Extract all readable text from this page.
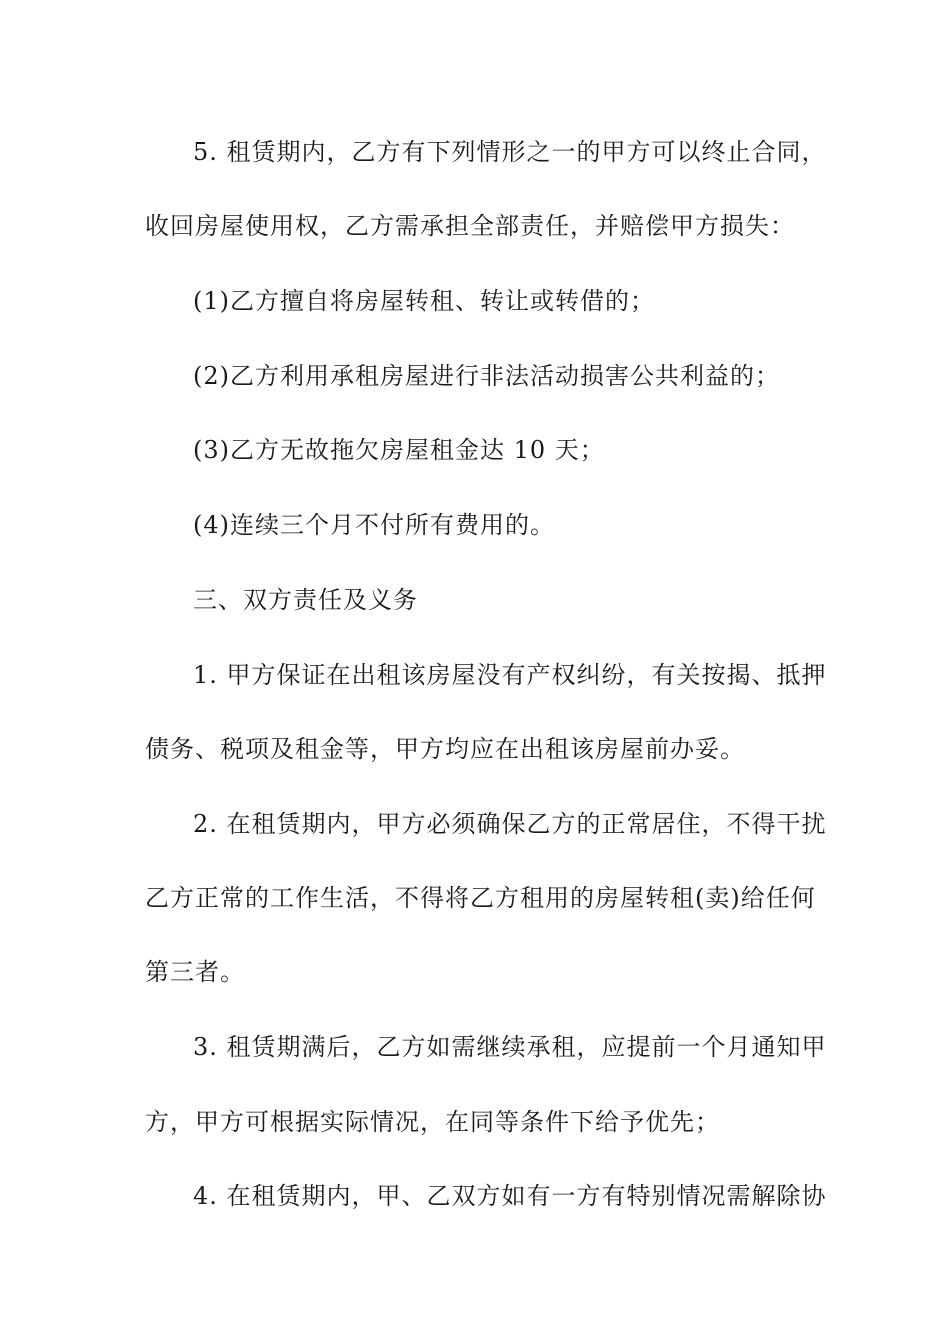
5. 租赁期内，乙方有下列情形之一的甲方可以终止合同，
收回房屋使用权，乙方需承担全部责任，并赔偿甲方损失：
(1)乙方擅自将房屋转租、转让或转借的；
(2)乙方利用承租房屋进行非法活动损害公共利益的；
(3)乙方无故拖欠房屋租金达 10 天；
(4)连续三个月不付所有费用的。
三、双方责任及义务
1. 甲方保证在出租该房屋没有产权纠纷，有关按揭、抵押
债务、税项及租金等，甲方均应在出租该房屋前办妥。
2. 在租赁期内，甲方必须确保乙方的正常居住，不得干扰
乙方正常的工作生活，不得将乙方租用的房屋转租(卖)给任何
第三者。
3. 租赁期满后，乙方如需继续承租，应提前一个月通知甲
方，甲方可根据实际情况，在同等条件下给予优先；
4. 在租赁期内，甲、乙双方如有一方有特别情况需解除协
